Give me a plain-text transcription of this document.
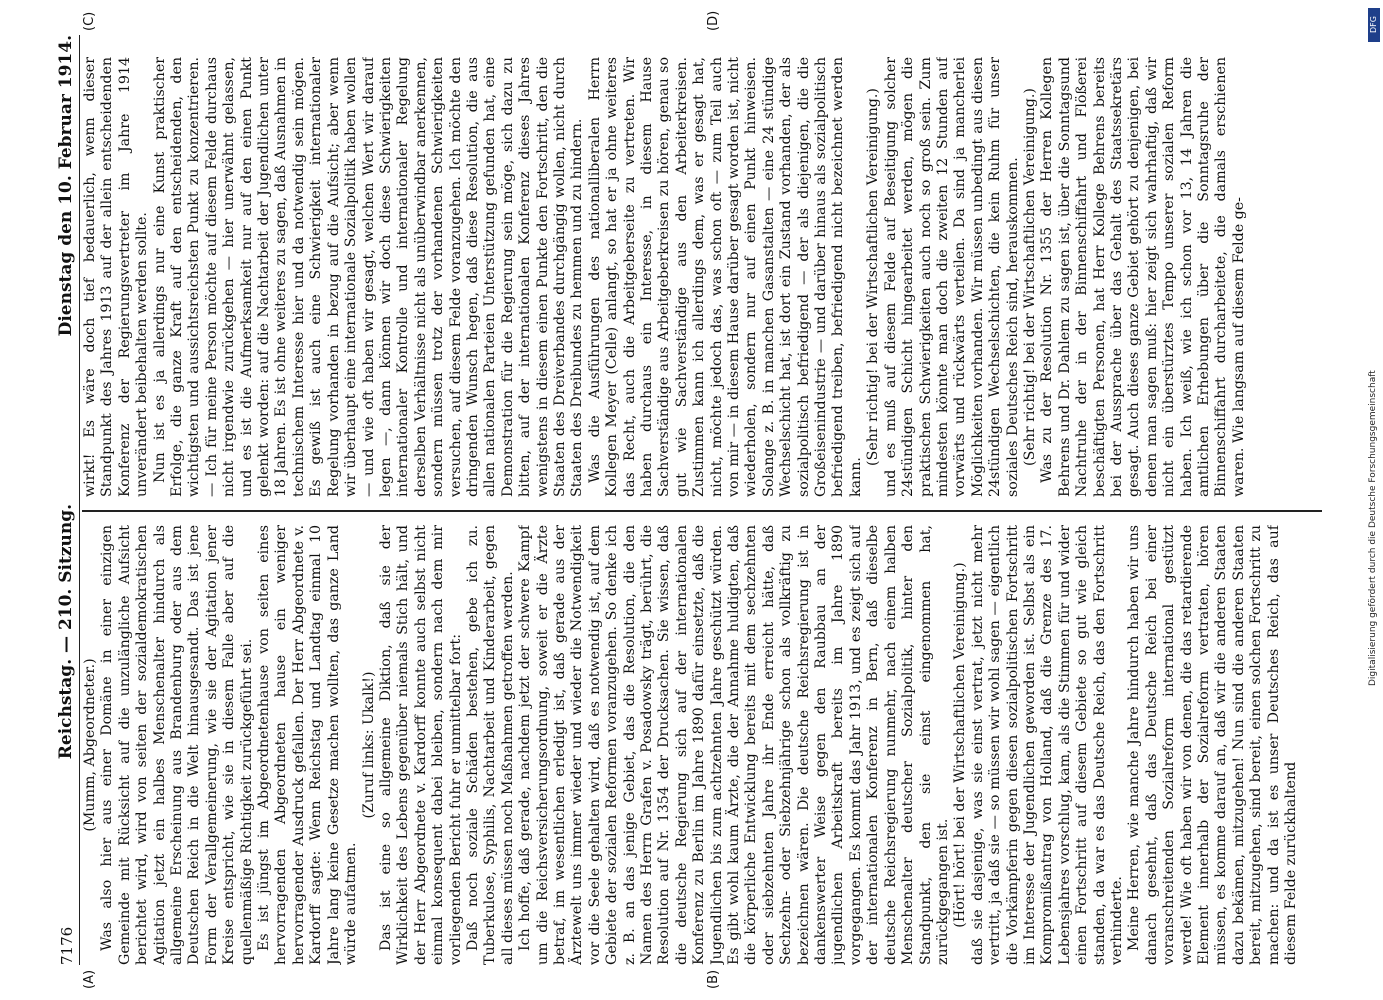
7176
Reichstag. — 210. Sitzung.
Dienstag den 10. Februar 1914.
(A)	(B)
(C)	(D)

(Mumm, Abgeordneter.) Was also hier aus einer Domäne in einer einzigen Gemeinde mit Rücksicht auf die unzulängliche Aufsicht berichtet wird, wird von seiten der sozialdemokratischen Agitation jetzt ein halbes Menschenalter hindurch als allgemeine Erscheinung aus Brandenburg oder aus dem Deutschen Reich in die Welt hinausgesandt. Das ist jene Form der Verallgemeinerung, wie sie der Agitation jener Kreise entspricht, wie sie in diesem Falle aber auf die quellenmäßige Richtigkeit zurückgeführt sei. Es ist jüngst im Abgeordnetenhause von seiten eines hervorragenden Abgeordneten hause ein weniger hervorragender Ausdruck gefallen. Der Herr Abgeordnete v. Kardorff sagte: Wenn Reichstag und Landtag einmal 10 Jahre lang keine Gesetze machen wollten, das ganze Land würde aufatmen.

(Zuruf links: Ukalk!) Das ist eine so allgemeine Diktion, daß sie der Wirklichkeit des Lebens gegenüber niemals Stich hält, und der Herr Abgeordnete v. Kardorff konnte auch selbst nicht einmal konsequent dabei bleiben, sondern nach dem mir vorliegenden Bericht fuhr er unmittelbar fort: Daß noch soziale Schäden bestehen, gebe ich zu. Tuberkulose, Syphilis, Nachtarbeit und Kinderarbeit, gegen all dieses müssen noch Maßnahmen getroffen werden. Ich hoffe, daß gerade, nachdem jetzt der schwere Kampf um die Reichsversicherungsordnung, soweit er die Ärzte betraf, im wesentlichen erledigt ist, daß gerade aus der Ärztewelt uns immer wieder und wieder die Notwendigkeit vor die Seele gehalten wird, daß es notwendig ist, auf dem Gebiete der sozialen Reformen voranzugehen. So denke ich z. B. an das jenige Gebiet, das die Resolution, die den Namen des Herrn Grafen v. Posadowsky trägt, berührt, die Resolution auf Nr. 1354 der Drucksachen. Sie wissen, daß die deutsche Regierung sich auf der internationalen Konferenz zu Berlin im Jahre 1890 dafür einsetzte, daß die Jugendlichen bis zum achtzehnten Jahre geschützt würden. Es gibt wohl kaum Ärzte, die der Annahme huldigten, daß die körperliche Entwicklung bereits mit dem sechzehnten oder siebzehnten Jahre ihr Ende erreicht hätte, daß Sechzehn- oder Siebzehnjährige schon als vollkräftig zu bezeichnen wären. Die deutsche Reichsregierung ist in dankenswerter Weise gegen den Raubbau an der jugendlichen Arbeitskraft bereits im Jahre 1890 vorgegangen. Es kommt das Jahr 1913, und es zeigt sich auf der internationalen Konferenz in Bern, daß dieselbe deutsche Reichsregierung nunmehr, nach einem halben Menschenalter deutscher Sozialpolitik, hinter den Standpunkt, den sie einst eingenommen hat, zurückgegangen ist. (Hört! hört! bei der Wirtschaftlichen Vereinigung.) daß sie dasjenige, was sie einst vertrat, jetzt nicht mehr vertritt, ja daß sie — so müssen wir wohl sagen — eigentlich die Vorkämpferin gegen diesen sozialpolitischen Fortschritt im Interesse der Jugendlichen geworden ist. Selbst als ein Kompromißantrag von Holland, daß die Grenze des 17. Lebensjahres vorschlug, kam, als die Stimmen für und wider einen Fortschritt auf diesem Gebiete so gut wie gleich standen, da war es das Deutsche Reich, das den Fortschritt verhinderte. Meine Herren, wie manche Jahre hindurch haben wir uns danach gesehnt, daß das Deutsche Reich bei einer voranschreitenden Sozialreform international gestützt werde! Wie oft haben wir von denen, die das retardierende Element innerhalb der Sozialreform vertraten, hören müssen, es komme darauf an, daß wir die anderen Staaten dazu bekämen, mitzugehen! Nun sind die anderen Staaten bereit, mitzugehen, sind bereit, einen solchen Fortschritt zu machen: und da ist es unser Deutsches Reich, das auf diesem Felde zurückhaltend

wirkt! Es wäre doch tief bedauerlich, wenn dieser Standpunkt des Jahres 1913 auf der allein entscheidenden Konferenz der Regierungsvertreter im Jahre 1914 unverändert beibehalten werden sollte. Nun ist es ja allerdings nur eine Kunst praktischer Erfolge, die ganze Kraft auf den entscheidenden, den wichtigsten und aussichtsreichsten Punkt zu konzentrieren. — Ich für meine Person möchte auf diesem Felde durchaus nicht irgendwie zurückgehen — hier unerwähnt gelassen, und es ist die Aufmerksamkeit nur auf den einen Punkt gelenkt worden: auf die Nachtarbeit der Jugendlichen unter 18 Jahren. Es ist ohne weiteres zu sagen, daß Ausnahmen in technischem Interesse hier und da notwendig sein mögen. Es gewiß ist auch eine Schwierigkeit internationaler Regelung vorhanden in bezug auf die Aufsicht; aber wenn wir überhaupt eine internationale Sozialpolitik haben wollen — und wie oft haben wir gesagt, welchen Wert wir darauf legen —, dann können wir doch diese Schwierigkeiten internationaler Kontrolle und internationaler Regelung derselben Verhältnisse nicht als unüberwindbar anerkennen, sondern müssen trotz der vorhandenen Schwierigkeiten versuchen, auf diesem Felde voranzugehen. Ich möchte den dringenden Wunsch hegen, daß diese Resolution, die aus allen nationalen Parteien Unterstützung gefunden hat, eine Demonstration für die Regierung sein möge, sich dazu zu bitten, auf der internationalen Konferenz dieses Jahres wenigstens in diesem einen Punkte den Fortschritt, den die Staaten des Dreiverbandes durchgängig wollen, nicht durch Staaten des Dreibundes zu hemmen und zu hindern. Was die Ausführungen des nationalliberalen Herrn Kollegen Meyer (Celle) anlangt, so hat er ja ohne weiteres das Recht, auch die Arbeitgeberseite zu vertreten. Wir haben durchaus ein Interesse, in diesem Hause Sachverständige aus Arbeitgeberkreisen zu hören, genau so gut wie Sachverständige aus den Arbeiterkreisen. Zustimmen kann ich allerdings dem, was er gesagt hat, nicht, möchte jedoch das, was schon oft — zum Teil auch von mir — in diesem Hause darüber gesagt worden ist, nicht wiederholen, sondern nur auf einen Punkt hinweisen. Solange z. B. in manchen Gasanstalten — eine 24 stündige Wechselschicht hat, ist dort ein Zustand vorhanden, der als sozialpolitisch befriedigend — der als diejenigen, die die Großeisenindustrie — und darüber hinaus als sozialpolitisch befriedigend treiben, befriedigend nicht bezeichnet werden kann.

(Sehr richtig! bei der Wirtschaftlichen Vereinigung.) und es muß auf diesem Felde auf Beseitigung solcher 24stündigen Schicht hingearbeitet werden, mögen die praktischen Schwierigkeiten auch noch so groß sein. Zum mindesten könnte man doch die zweiten 12 Stunden auf vorwärts und rückwärts verteilen. Da sind ja mancherlei Möglichkeiten vorhanden. Wir müssen unbedingt aus diesen 24stündigen Wechselschichten, die kein Ruhm für unser soziales Deutsches Reich sind, herauskommen. (Sehr richtig! bei der Wirtschaftlichen Vereinigung.) Was zu der Resolution Nr. 1355 der Herren Kollegen Behrens und Dr. Dahlem zu sagen ist, über die Sonntagsund Nachtruhe der in der Binnenschiffahrt und Flößerei beschäftigten Personen, hat Herr Kollege Behrens bereits bei der Aussprache über das Gehalt des Staatssekretärs gesagt. Auch dieses ganze Gebiet gehört zu denjenigen, bei denen man sagen muß: hier zeigt sich wahrhaftig, daß wir nicht ein überstürztes Tempo unserer sozialen Reform haben. Ich weiß, wie ich schon vor 13, 14 Jahren die amtlichen Erhebungen über die Sonntagsruhe der Binnenschiffahrt durcharbeitete, die damals erschienen waren. Wie langsam auf diesem Felde ge-

DFG
Digitalisierung gefördert durch die Deutsche Forschungsgemeinschaft
